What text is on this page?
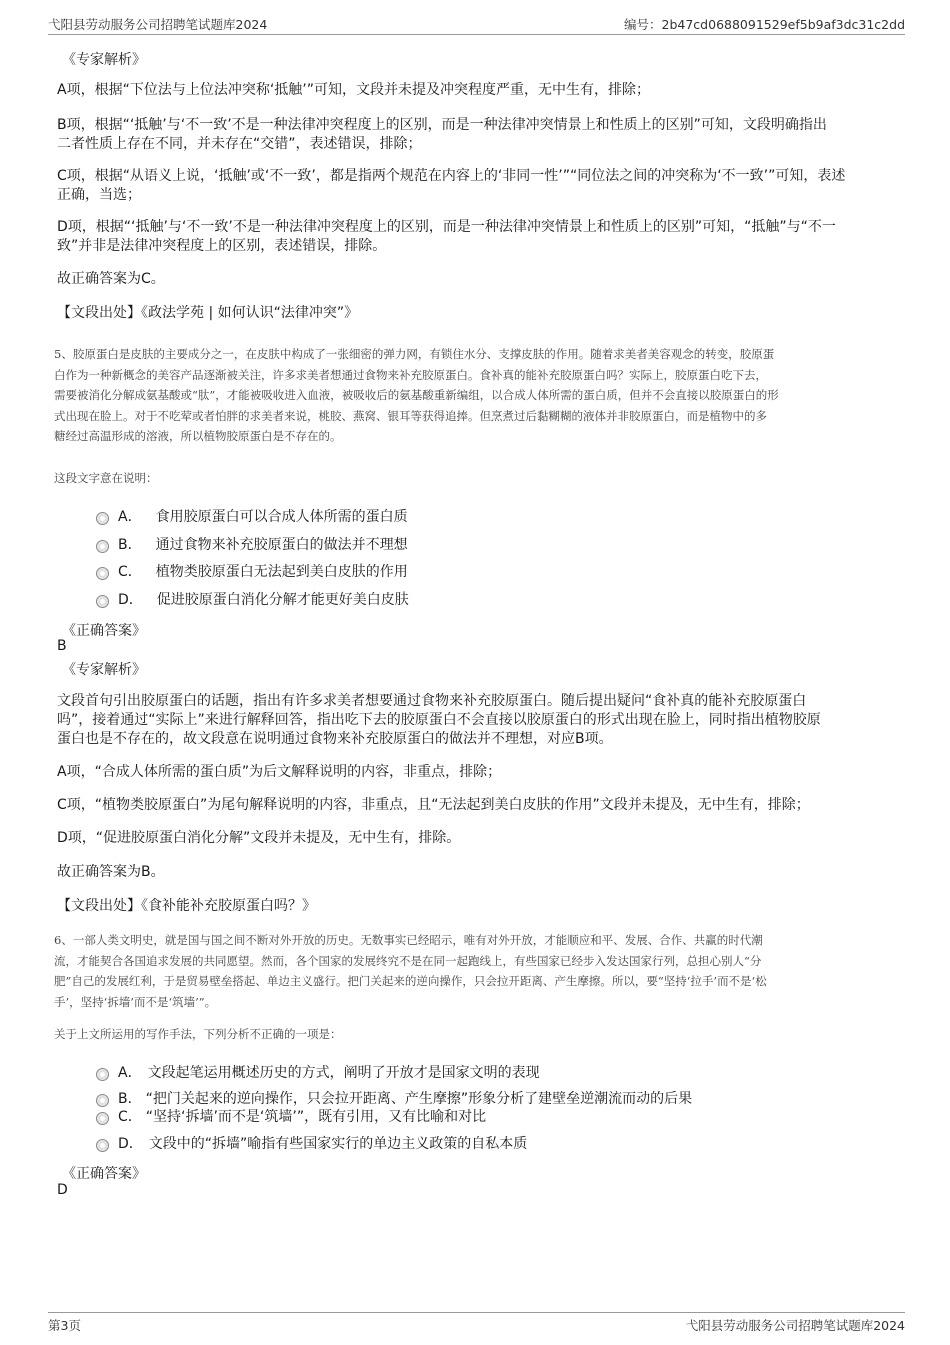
弋阳县劳动服务公司招聘笔试题库2024	编号：2b47cd0688091529ef5b9af3dc31c2dd
《专家解析》
A项，根据“下位法与上位法冲突称‘抵触’”可知，文段并未提及冲突程度严重，无中生有，排除；
B项，根据“‘抵触’与‘不一致’不是一种法律冲突程度上的区别，而是一种法律冲突情景上和性质上的区别”可知，文段明确指出
二者性质上存在不同，并未存在“交错”，表述错误，排除；
C项，根据“从语义上说，‘抵触’或‘不一致’，都是指两个规范在内容上的‘非同一性’”“同位法之间的冲突称为‘不一致’”可知，表述
正确，当选；
D项，根据“‘抵触’与‘不一致’不是一种法律冲突程度上的区别，而是一种法律冲突情景上和性质上的区别”可知，“抵触”与“不一
致”并非是法律冲突程度上的区别，表述错误，排除。
故正确答案为C。
【文段出处】《政法学苑 | 如何认识“法律冲突”》
5、胶原蛋白是皮肤的主要成分之一，在皮肤中构成了一张细密的弹力网，有锁住水分、支撑皮肤的作用。随着求美者美容观念的转变，胶原蛋
白作为一种新概念的美容产品逐渐被关注，许多求美者想通过食物来补充胶原蛋白。食补真的能补充胶原蛋白吗？实际上，胶原蛋白吃下去，
需要被消化分解成氨基酸或“肽”，才能被吸收进入血液，被吸收后的氨基酸重新编组，以合成人体所需的蛋白质，但并不会直接以胶原蛋白的形
式出现在脸上。对于不吃荤或者怕胖的求美者来说，桃胶、燕窝、银耳等获得追捧。但烹煮过后黏糊糊的液体并非胶原蛋白，而是植物中的多
糖经过高温形成的溶液，所以植物胶原蛋白是不存在的。
这段文字意在说明：
A． 食用胶原蛋白可以合成人体所需的蛋白质
B． 通过食物来补充胶原蛋白的做法并不理想
C． 植物类胶原蛋白无法起到美白皮肤的作用
D． 促进胶原蛋白消化分解才能更好美白皮肤
《正确答案》
B
《专家解析》
文段首句引出胶原蛋白的话题，指出有许多求美者想要通过食物来补充胶原蛋白。随后提出疑问“食补真的能补充胶原蛋白
吗”，接着通过“实际上”来进行解释回答，指出吃下去的胶原蛋白不会直接以胶原蛋白的形式出现在脸上，同时指出植物胶原
蛋白也是不存在的，故文段意在说明通过食物来补充胶原蛋白的做法并不理想，对应B项。
A项，“合成人体所需的蛋白质”为后文解释说明的内容，非重点，排除；
C项，“植物类胶原蛋白”为尾句解释说明的内容，非重点，且“无法起到美白皮肤的作用”文段并未提及，无中生有，排除；
D项，“促进胶原蛋白消化分解”文段并未提及，无中生有，排除。
故正确答案为B。
【文段出处】《食补能补充胶原蛋白吗？》
6、一部人类文明史，就是国与国之间不断对外开放的历史。无数事实已经昭示，唯有对外开放，才能顺应和平、发展、合作、共赢的时代潮
流，才能契合各国追求发展的共同愿望。然而，各个国家的发展终究不是在同一起跑线上，有些国家已经步入发达国家行列，总担心别人“分
肥”自己的发展红利，于是贸易壁垒搭起、单边主义盛行。把门关起来的逆向操作，只会拉开距离、产生摩擦。所以，要“坚持‘拉手’而不是‘松
手’，坚持‘拆墙’而不是‘筑墙’”。
关于上文所运用的写作手法，下列分析不正确的一项是：
A． 文段起笔运用概述历史的方式，阐明了开放才是国家文明的表现
B． “把门关起来的逆向操作，只会拉开距离、产生摩擦”形象分析了建壁垒逆潮流而动的后果
C． “坚持‘拆墙’而不是‘筑墙’”，既有引用，又有比喻和对比
D． 文段中的“拆墙”喻指有些国家实行的单边主义政策的自私本质
《正确答案》
D
第3页	弋阳县劳动服务公司招聘笔试题库2024
